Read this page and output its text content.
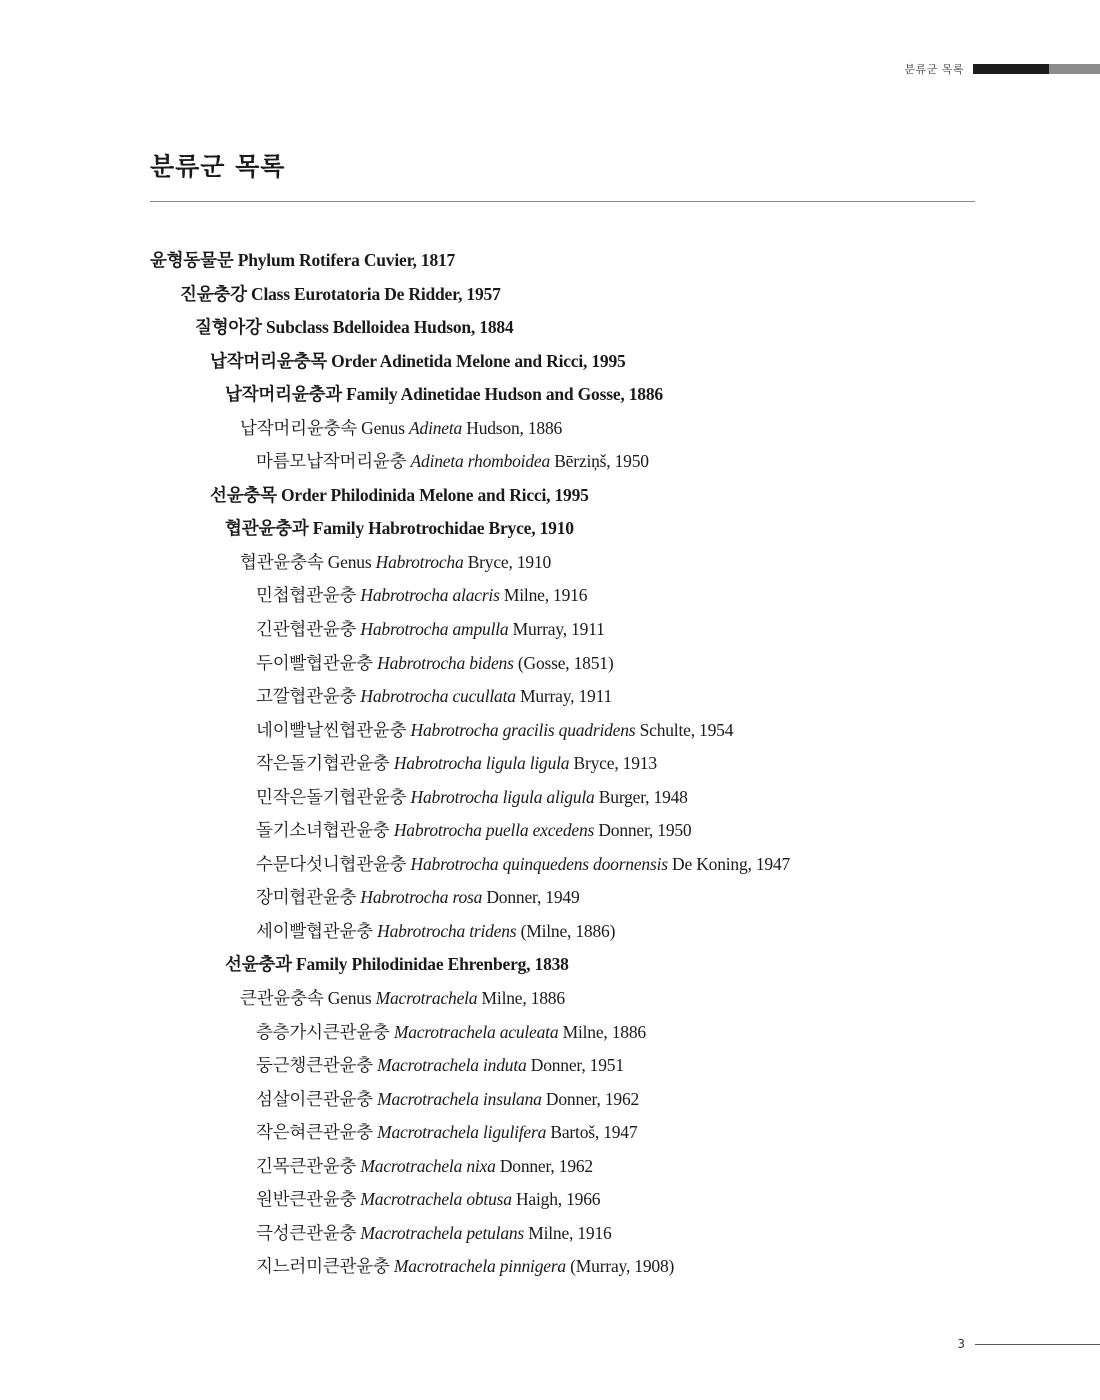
분류군 목록
분류군 목록
윤형동물문 Phylum Rotifera Cuvier, 1817
진윤충강 Class Eurotatoria De Ridder, 1957
질형아강 Subclass Bdelloidea Hudson, 1884
납작머리윤충목 Order Adinetida Melone and Ricci, 1995
납작머리윤충과 Family Adinetidae Hudson and Gosse, 1886
납작머리윤충속 Genus Adineta Hudson, 1886
마름모납작머리윤충 Adineta rhomboidea Bērziņš, 1950
선윤충목 Order Philodinida Melone and Ricci, 1995
협관윤충과 Family Habrotrochidae Bryce, 1910
협관윤충속 Genus Habrotrocha Bryce, 1910
민첩협관윤충 Habrotrocha alacris Milne, 1916
긴관협관윤충 Habrotrocha ampulla Murray, 1911
두이빨협관윤충 Habrotrocha bidens (Gosse, 1851)
고깔협관윤충 Habrotrocha cucullata Murray, 1911
네이빨날씬협관윤충 Habrotrocha gracilis quadridens Schulte, 1954
작은돌기협관윤충 Habrotrocha ligula ligula Bryce, 1913
민작은돌기협관윤충 Habrotrocha ligula aligula Burger, 1948
돌기소녀협관윤충 Habrotrocha puella excedens Donner, 1950
수문다섯니협관윤충 Habrotrocha quinquedens doornensis De Koning, 1947
장미협관윤충 Habrotrocha rosa Donner, 1949
세이빨협관윤충 Habrotrocha tridens (Milne, 1886)
선윤충과 Family Philodinidae Ehrenberg, 1838
큰관윤충속 Genus Macrotrachela Milne, 1886
층층가시큰관윤충 Macrotrachela aculeata Milne, 1886
둥근챙큰관윤충 Macrotrachela induta Donner, 1951
섬살이큰관윤충 Macrotrachela insulana Donner, 1962
작은혀큰관윤충 Macrotrachela ligulifera Bartoš, 1947
긴목큰관윤충 Macrotrachela nixa Donner, 1962
원반큰관윤충 Macrotrachela obtusa Haigh, 1966
극성큰관윤충 Macrotrachela petulans Milne, 1916
지느러미큰관윤충 Macrotrachela pinnigera (Murray, 1908)
3
